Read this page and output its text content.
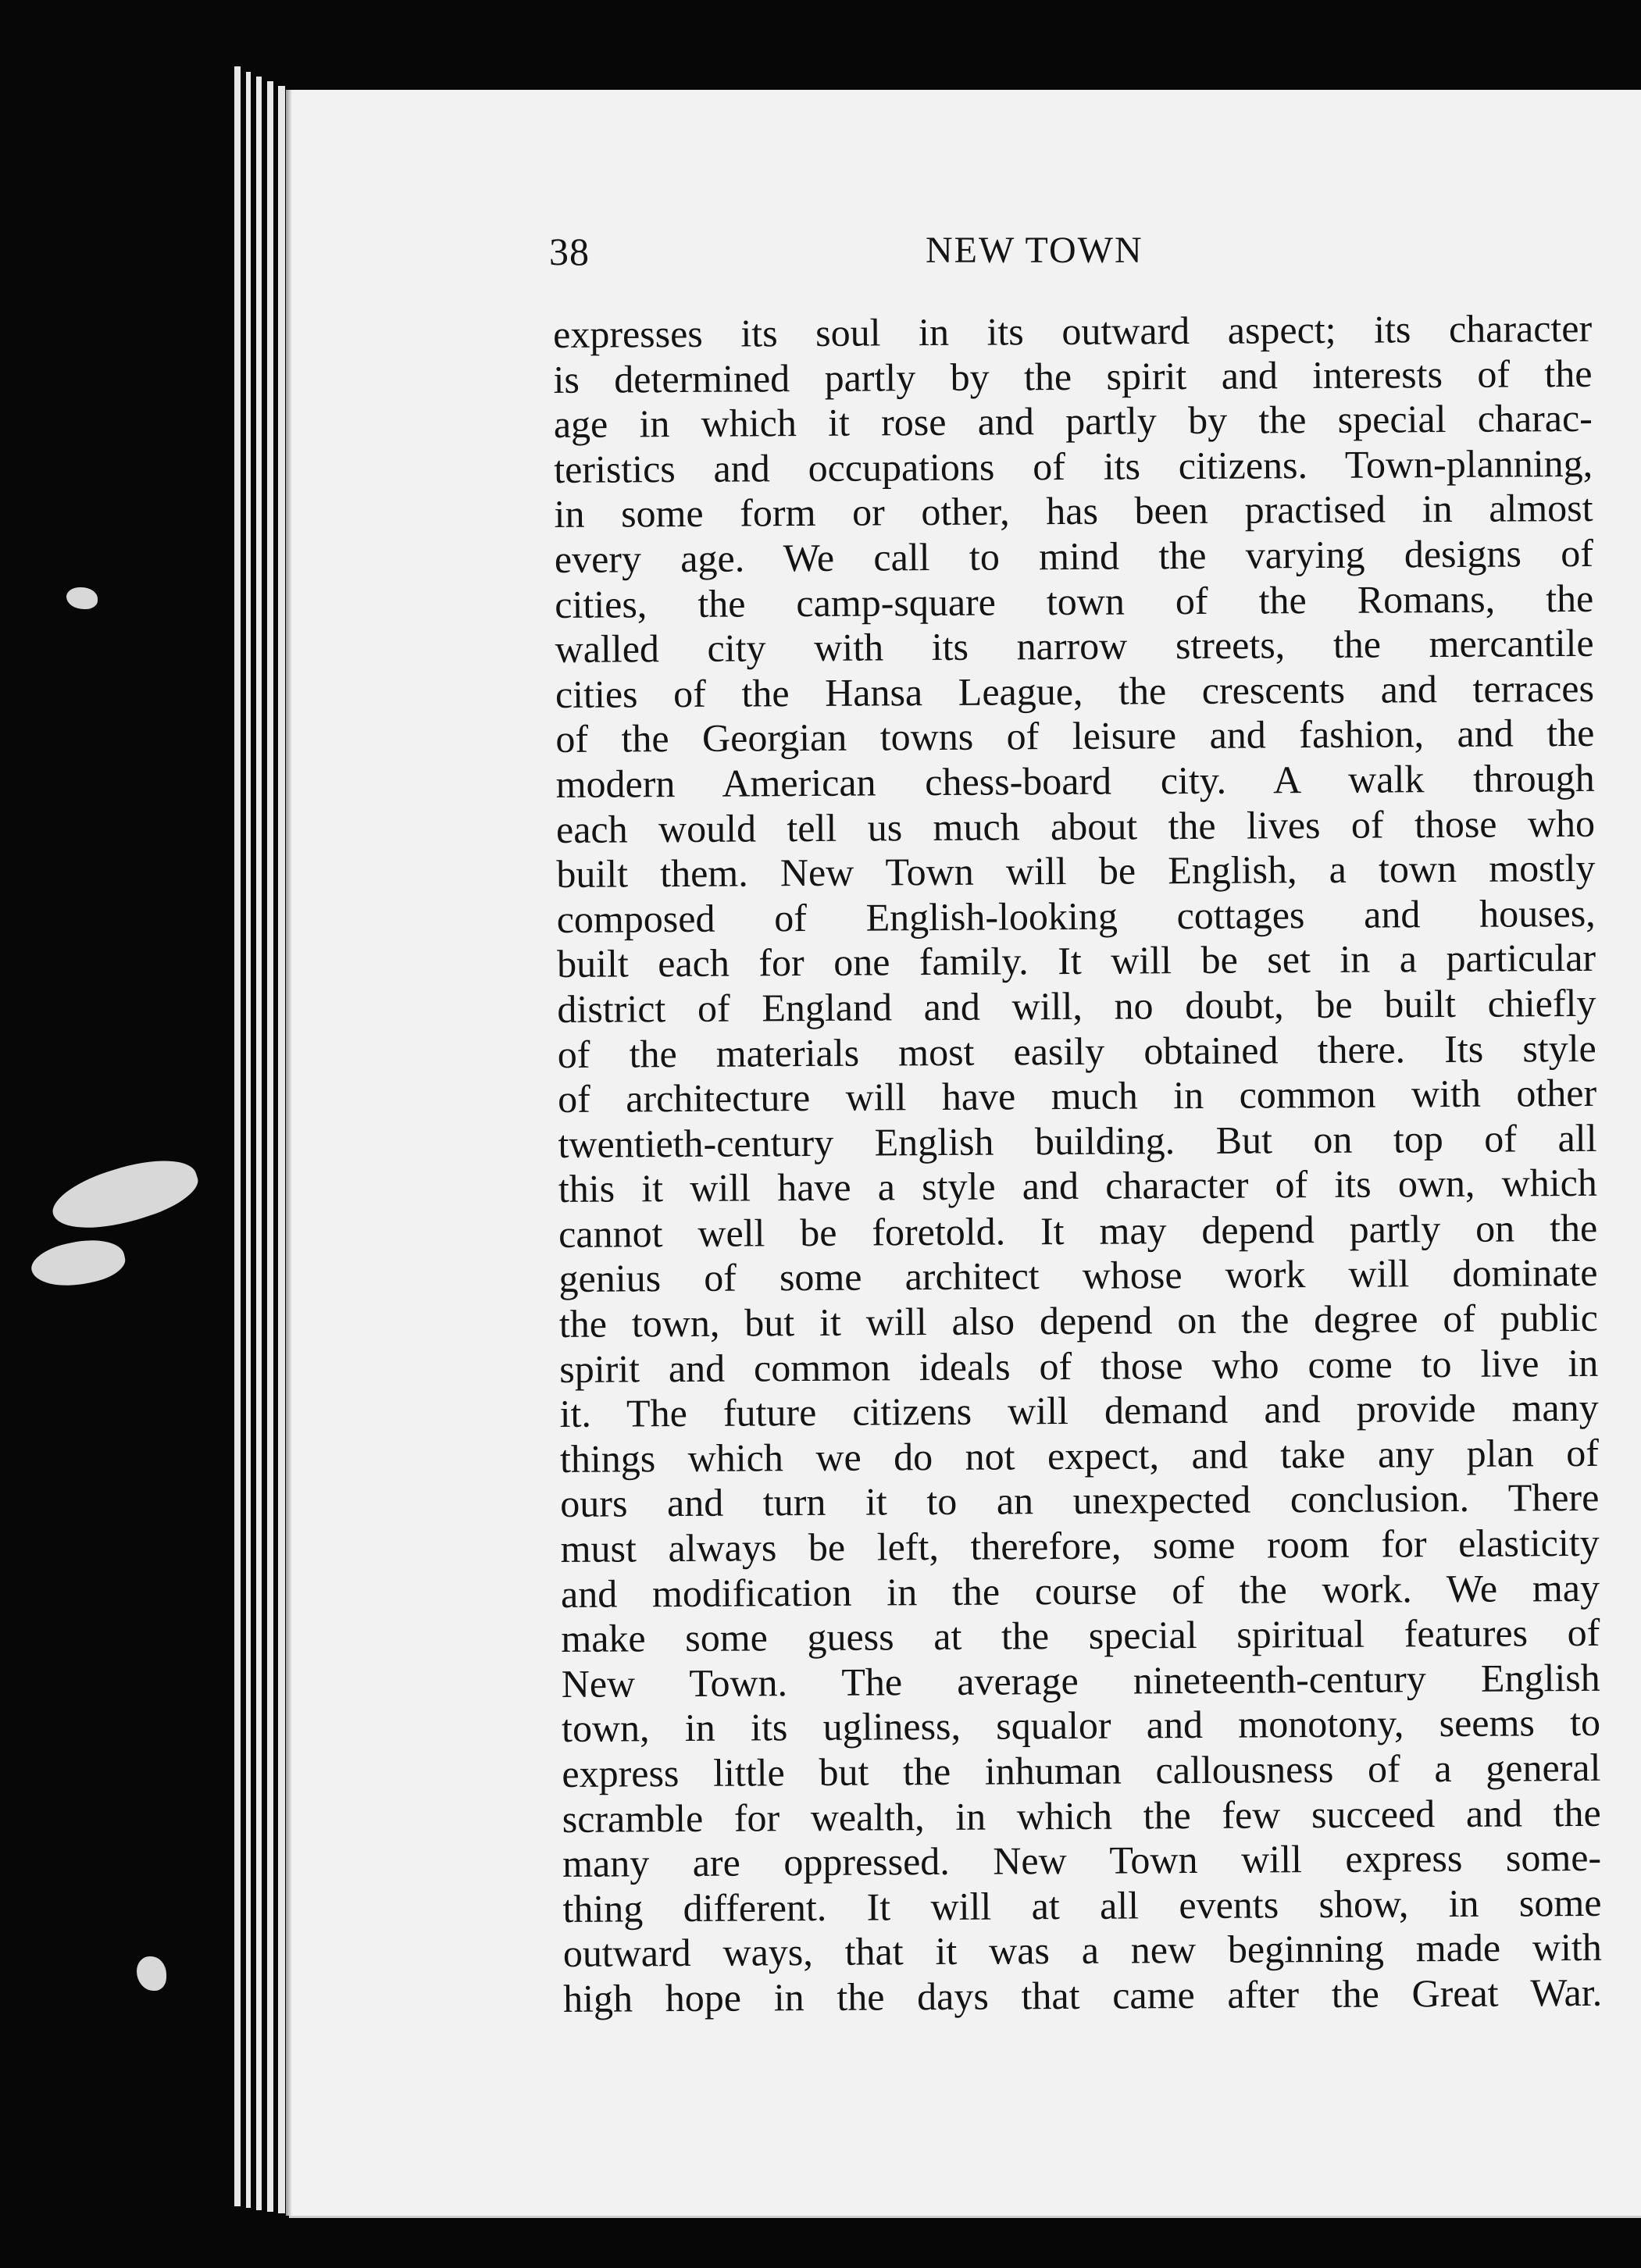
38	NEW TOWN
expresses its soul in its outward aspect; its character
is determined partly by the spirit and interests of the
age in which it rose and partly by the special charac-
teristics and occupations of its citizens. Town-planning,
in some form or other, has been practised in almost
every age. We call to mind the varying designs of
cities, the camp-square town of the Romans, the
walled city with its narrow streets, the mercantile
cities of the Hansa League, the crescents and terraces
of the Georgian towns of leisure and fashion, and the
modern American chess-board city. A walk through
each would tell us much about the lives of those who
built them. New Town will be English, a town mostly
composed of English-looking cottages and houses,
built each for one family. It will be set in a particular
district of England and will, no doubt, be built chiefly
of the materials most easily obtained there. Its style
of architecture will have much in common with other
twentieth-century English building. But on top of all
this it will have a style and character of its own, which
cannot well be foretold. It may depend partly on the
genius of some architect whose work will dominate
the town, but it will also depend on the degree of public
spirit and common ideals of those who come to live in
it. The future citizens will demand and provide many
things which we do not expect, and take any plan of
ours and turn it to an unexpected conclusion. There
must always be left, therefore, some room for elasticity
and modification in the course of the work. We may
make some guess at the special spiritual features of
New Town. The average nineteenth-century English
town, in its ugliness, squalor and monotony, seems to
express little but the inhuman callousness of a general
scramble for wealth, in which the few succeed and the
many are oppressed. New Town will express some-
thing different. It will at all events show, in some
outward ways, that it was a new beginning made with
high hope in the days that came after the Great War.
